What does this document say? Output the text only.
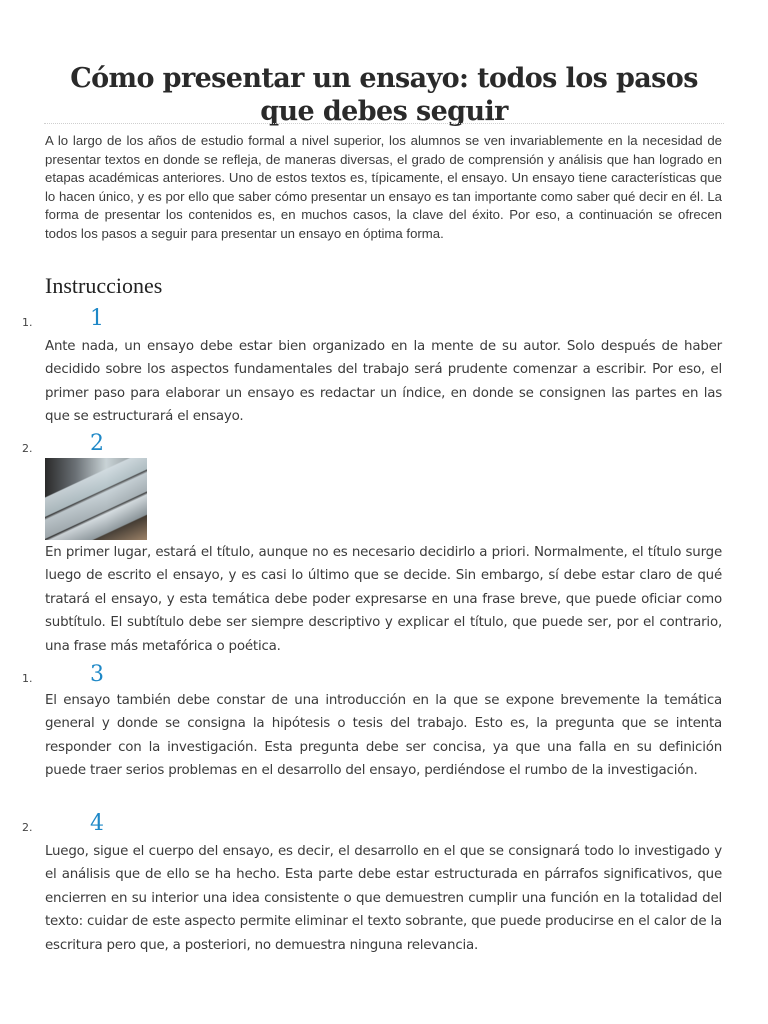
Cómo presentar un ensayo: todos los pasos que debes seguir

A lo largo de los años de estudio formal a nivel superior, los alumnos se ven invariablemente en la necesidad de presentar textos en donde se refleja, de maneras diversas, el grado de comprensión y análisis que han logrado en etapas académicas anteriores. Uno de estos textos es, típicamente, el ensayo. Un ensayo tiene características que lo hacen único, y es por ello que saber cómo presentar un ensayo es tan importante como saber qué decir en él. La forma de presentar los contenidos es, en muchos casos, la clave del éxito. Por eso, a continuación se ofrecen todos los pasos a seguir para presentar un ensayo en óptima forma.

Instrucciones
1.	1

Ante nada, un ensayo debe estar bien organizado en la mente de su autor. Solo después de haber decidido sobre los aspectos fundamentales del trabajo será prudente comenzar a escribir. Por eso, el primer paso para elaborar un ensayo es redactar un índice, en donde se consignen las partes en las que se estructurará el ensayo.

2.	2

En primer lugar, estará el título, aunque no es necesario decidirlo a priori. Normalmente, el título surge luego de escrito el ensayo, y es casi lo último que se decide. Sin embargo, sí debe estar claro de qué tratará el ensayo, y esta temática debe poder expresarse en una frase breve, que puede oficiar como subtítulo. El subtítulo debe ser siempre descriptivo y explicar el título, que puede ser, por el contrario, una frase más metafórica o poética.

1.	3

El ensayo también debe constar de una introducción en la que se expone brevemente la temática general y donde se consigna la hipótesis o tesis del trabajo. Esto es, la pregunta que se intenta responder con la investigación. Esta pregunta debe ser concisa, ya que una falla en su definición puede traer serios problemas en el desarrollo del ensayo, perdiéndose el rumbo de la investigación.

2.	4

Luego, sigue el cuerpo del ensayo, es decir, el desarrollo en el que se consignará todo lo investigado y el análisis que de ello se ha hecho. Esta parte debe estar estructurada en párrafos significativos, que encierren en su interior una idea consistente o que demuestren cumplir una función en la totalidad del texto: cuidar de este aspecto permite eliminar el texto sobrante, que puede producirse en el calor de la escritura pero que, a posteriori, no demuestra ninguna relevancia.
